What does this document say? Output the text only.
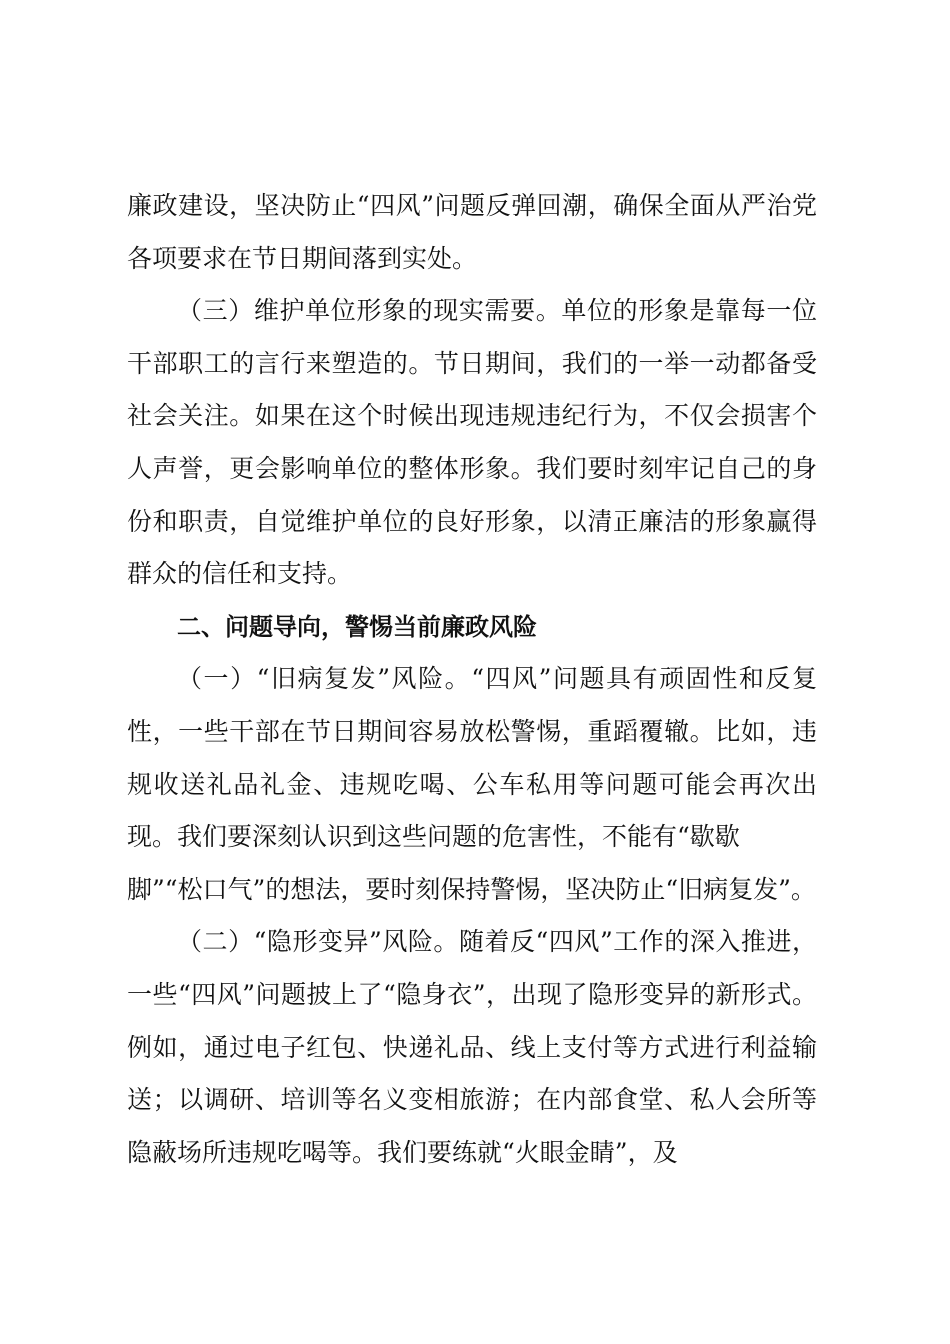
廉政建设，坚决防止“四风”问题反弹回潮，确保全面从严治党各项要求在节日期间落到实处。

（三）维护单位形象的现实需要。单位的形象是靠每一位干部职工的言行来塑造的。节日期间，我们的一举一动都备受社会关注。如果在这个时候出现违规违纪行为，不仅会损害个人声誉，更会影响单位的整体形象。我们要时刻牢记自己的身份和职责，自觉维护单位的良好形象，以清正廉洁的形象赢得群众的信任和支持。

二、问题导向，警惕当前廉政风险

（一）“旧病复发”风险。“四风”问题具有顽固性和反复性，一些干部在节日期间容易放松警惕，重蹈覆辙。比如，违规收送礼品礼金、违规吃喝、公车私用等问题可能会再次出现。我们要深刻认识到这些问题的危害性，不能有“歇歇
脚”“松口气”的想法，要时刻保持警惕，坚决防止“旧病复发”。

（二）“隐形变异”风险。随着反“四风”工作的深入推进，一些“四风”问题披上了“隐身衣”，出现了隐形变异的新形式。例如，通过电子红包、快递礼品、线上支付等方式进行利益输送；以调研、培训等名义变相旅游；在内部食堂、私人会所等隐蔽场所违规吃喝等。我们要练就“火眼金睛”，及
